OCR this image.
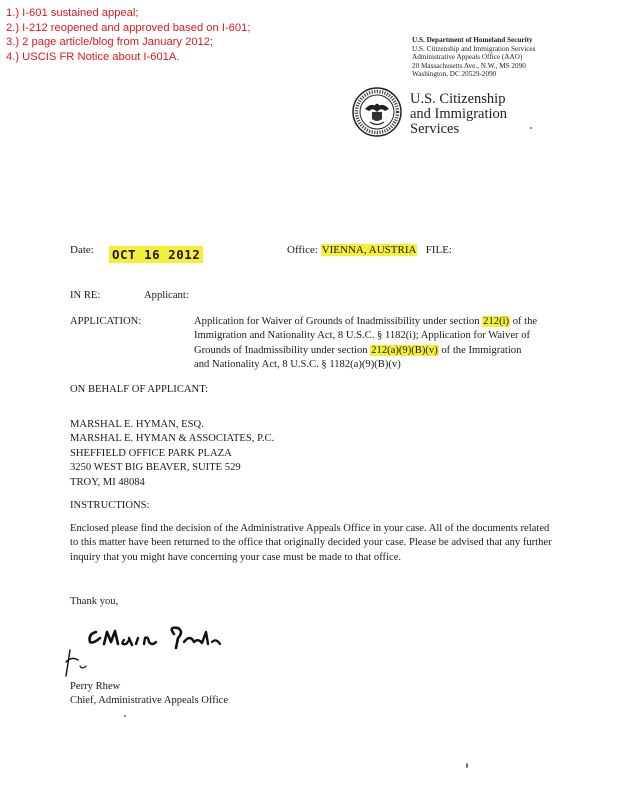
1.) I-601 sustained appeal;
2.) I-212 reopened and approved based on I-601;
3.) 2 page article/blog from January 2012;
4.) USCIS FR Notice about I-601A.
U.S. Department of Homeland Security
U.S. Citizenship and Immigration Services
Administrative Appeals Office (AAO)
20 Massachusetts Ave., N.W., MS 2090
Washington, DC 20529-2090
U.S. Citizenship
and Immigration
Services
Date: OCT 16 2012	Office: VIENNA, AUSTRIA FILE:
IN RE:	Applicant:
APPLICATION:	Application for Waiver of Grounds of Inadmissibility under section 212(i) of the Immigration and Nationality Act, 8 U.S.C. § 1182(i); Application for Waiver of Grounds of Inadmissibility under section 212(a)(9)(B)(v) of the Immigration and Nationality Act, 8 U.S.C. § 1182(a)(9)(B)(v)
ON BEHALF OF APPLICANT:
MARSHAL E. HYMAN, ESQ.
MARSHAL E. HYMAN & ASSOCIATES, P.C.
SHEFFIELD OFFICE PARK PLAZA
3250 WEST BIG BEAVER, SUITE 529
TROY, MI 48084
INSTRUCTIONS:
Enclosed please find the decision of the Administrative Appeals Office in your case. All of the documents related to this matter have been returned to the office that originally decided your case. Please be advised that any further inquiry that you might have concerning your case must be made to that office.
Thank you,
Perry Rhew
Chief, Administrative Appeals Office
